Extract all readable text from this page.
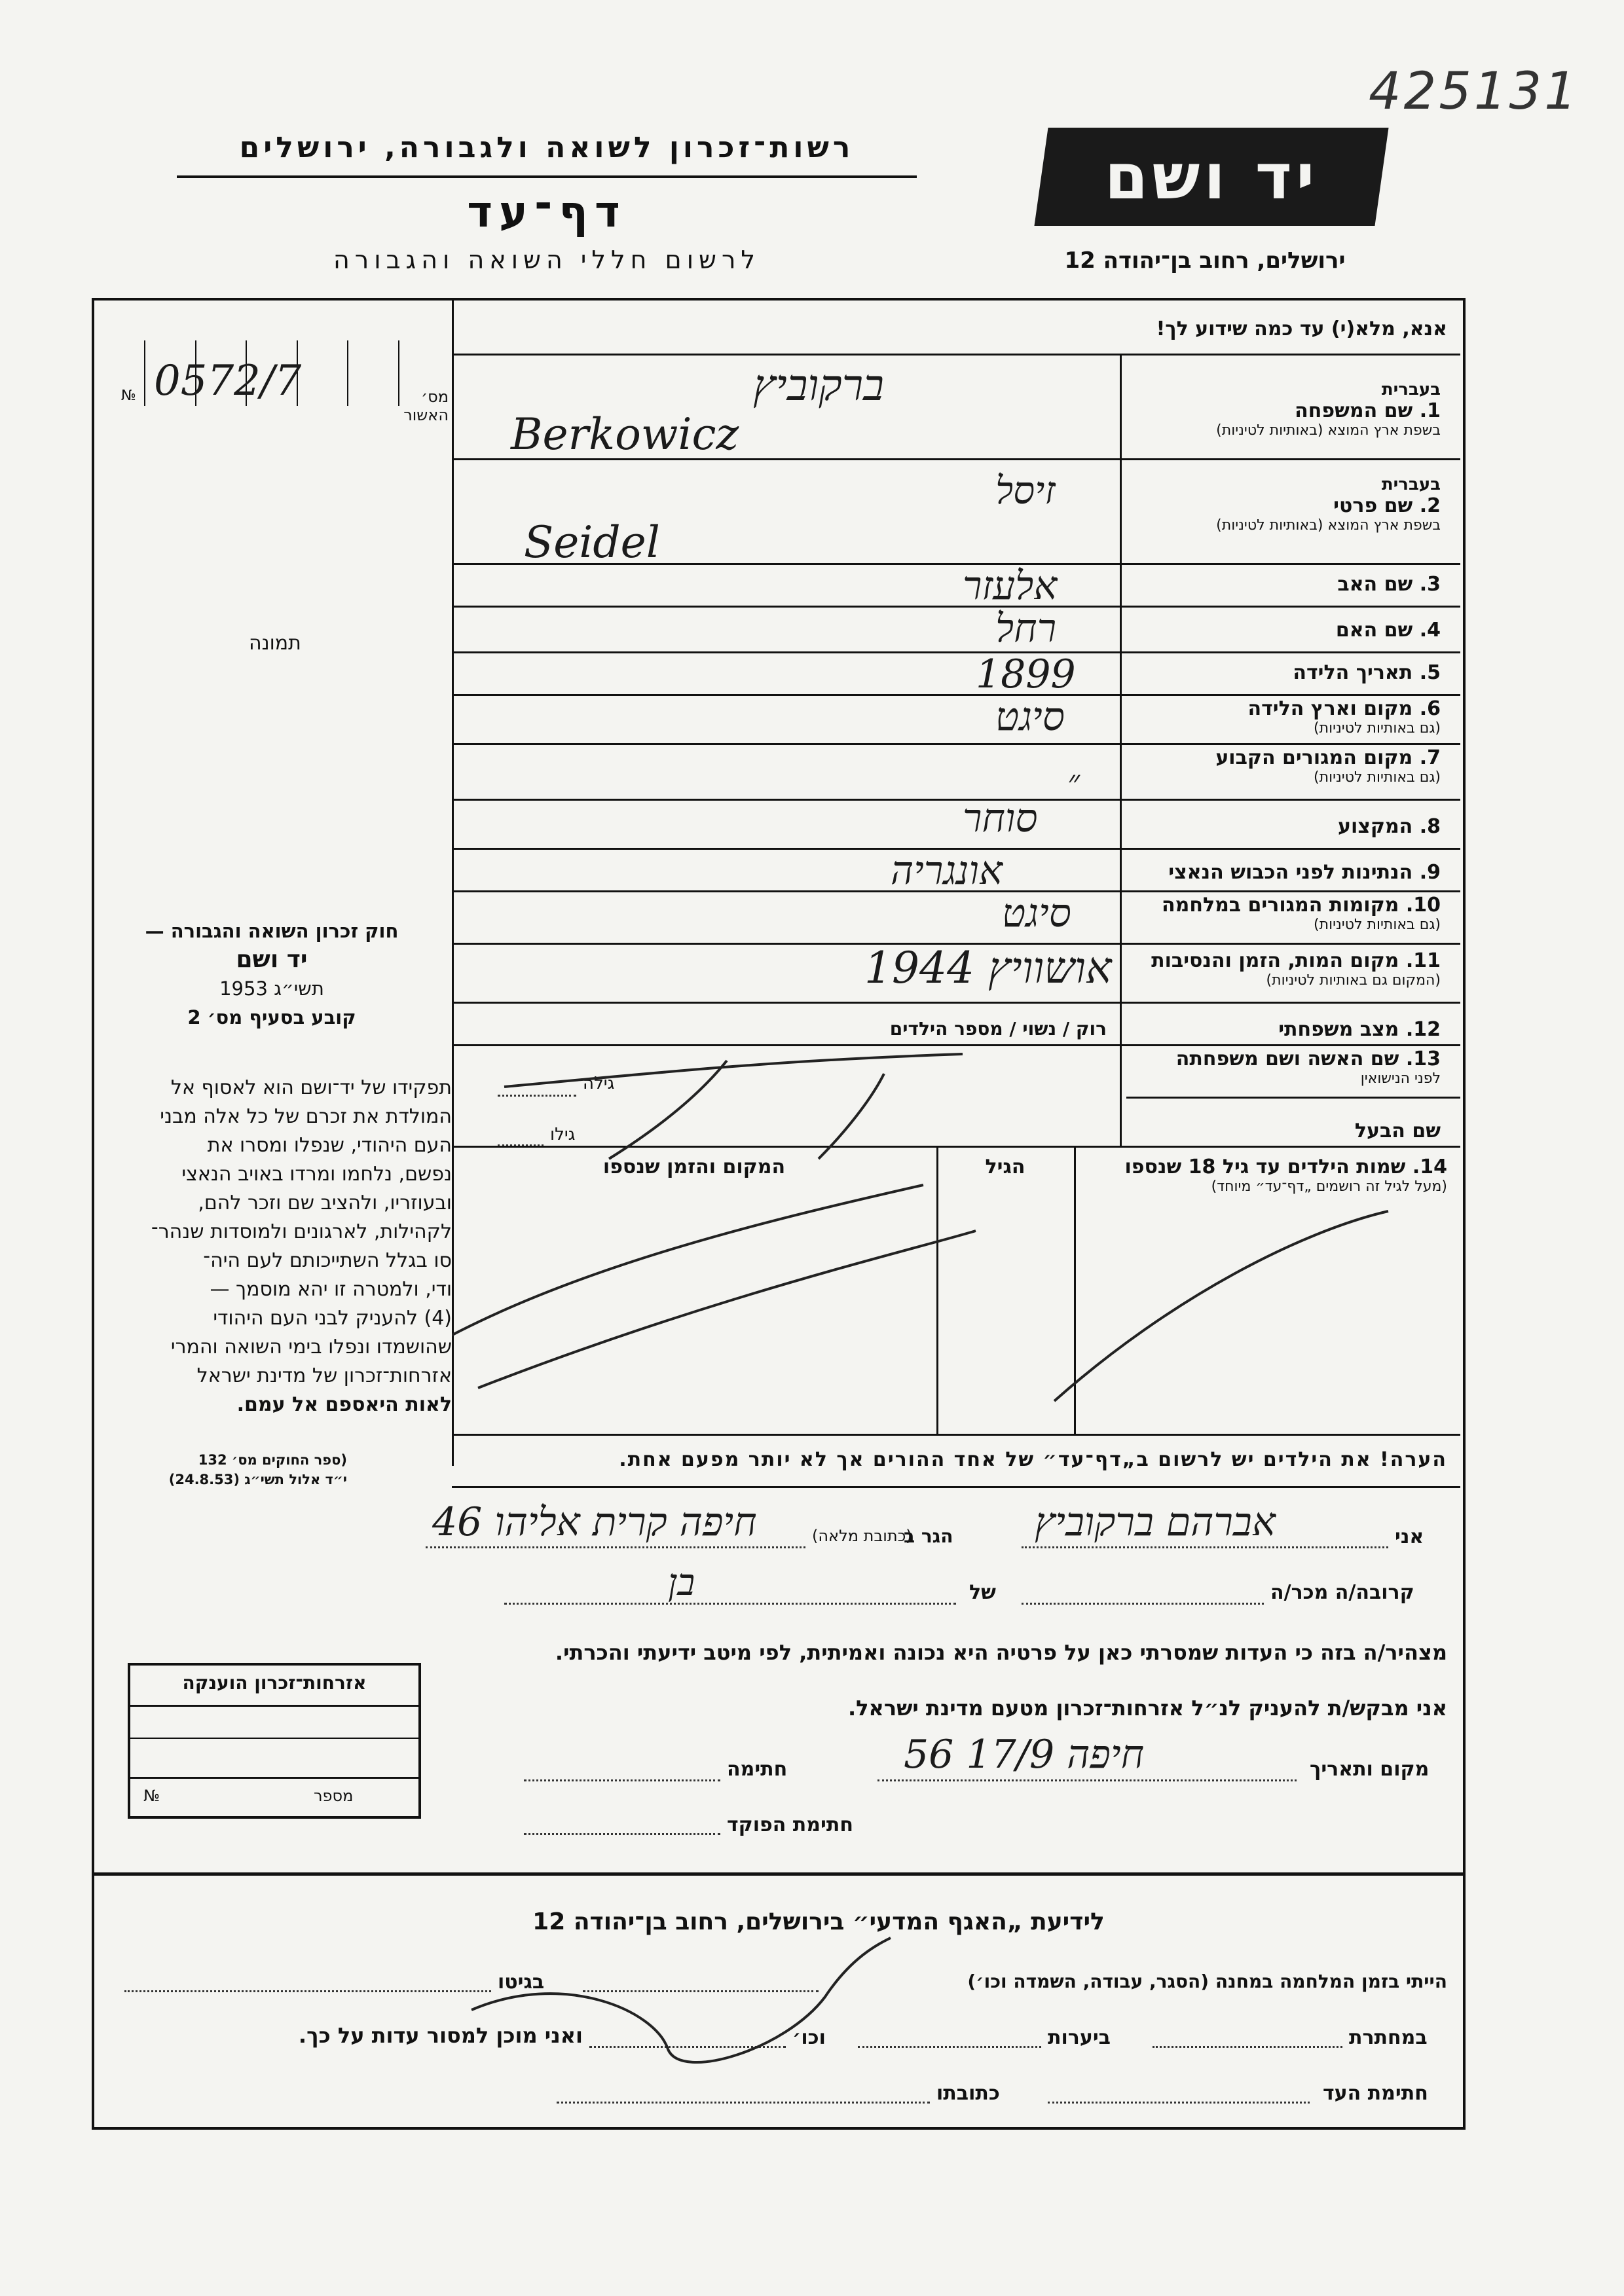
425131
רשות־זכרון לשואה ולגבורה, ירושלים
דף־עד
לרשום חללי השואה והגבורה
יד ושם
ירושלים, רחוב בן־יהודה 12
№	מס׳ האשור
0572/7
תמונה

חוק זכרון השואה והגבורה —

יד ושם

תשי״ג 1953

קובע בסעיף מס׳ 2

תפקידו של יד־ושם הוא לאסוף אל
המולדת את זכרם של כל אלה מבני
העם היהודי, שנפלו ומסרו את
נפשם, נלחמו ומרדו באויב הנאצי
ובעוזריו, ולהציב שם וזכר להם,
לקהילות, לארגונים ולמוסדות שנהר־
סו בגלל השתייכותם לעם היה־
ודי, ולמטרה זו יהא מוסמך —
(4) להעניק לבני העם היהודי
שהושמדו ונפלו בימי השואה והמרי
אזרחות־זכרון של מדינת ישראל
לאות היאספם אל עמם.
(ספר החוקים מס׳ 132
י״ד אלול תשי״ג (24.8.53)
אנא, מלא(י) עד כמה שידוע לך!
בעברית
1. שם המשפחה
בשפת ארץ המוצא (באותיות לטיניות)
ברקוביץ
Berkowicz
בעברית
2. שם פרטי
בשפת ארץ המוצא (באותיות לטיניות)
זיסל
Seidel
3. שם האב
אלעזר
4. שם האם
רחל
5. תאריך הלידה
1899
6. מקום וארץ הלידה
(גם באותיות לטיניות)
סיגט
7. מקום המגורים הקבוע
(גם באותיות לטיניות)
״
8. המקצוע
סוחר
9. הנתינות לפני הכבוש הנאצי
אונגריה
10. מקומות המגורים במלחמה
(גם באותיות לטיניות)
סיגט
11. מקום המות, הזמן והנסיבות
(המקום גם באותיות לטיניות)
אושוויץ 1944
12. מצב משפחתי
רוק / נשוי / מספר הילדים
13. שם האשה ושם משפחתה
לפני הנישואין
גילה
שם הבעל
גילו
14. שמות הילדים עד גיל 18 שנספו
(מעל לגיל זה רושמים „דף־עד״ מיוחד)
הגיל
המקום והזמן שנספו
הערה! את הילדים יש לרשום ב„דף־עד״ של אחד ההורים אך לא יותר מפעם אחת.
אני
אברהם ברקוביץ
הגר ב
(כתובת מלאה)
חיפה קרית אליהו 46
קרובה/ה מכר/ה
של
בן
מצהיר/ה בזה כי העדות שמסרתי כאן על פרטיה היא נכונה ואמיתית, לפי מיטב ידיעתי והכרתי.
אני מבקש/ת להעניק לנ״ל אזרחות־זכרון מטעם מדינת ישראל.
מקום ותאריך
חיפה 17/9 56
חתימה
חתימת הפוקד
אזרחות־זכרון הוענקה
№	מספר
לידיעת „האגף המדעי״ בירושלים, רחוב בן־יהודה 12
הייתי בזמן המלחמה במחנה (הסגר, עבודה, השמדה וכו׳)
בגיטו
במחתרת
ביערות
וכו׳
ואני מוכן למסור עדות על כך.
חתימת העד
כתובתו
